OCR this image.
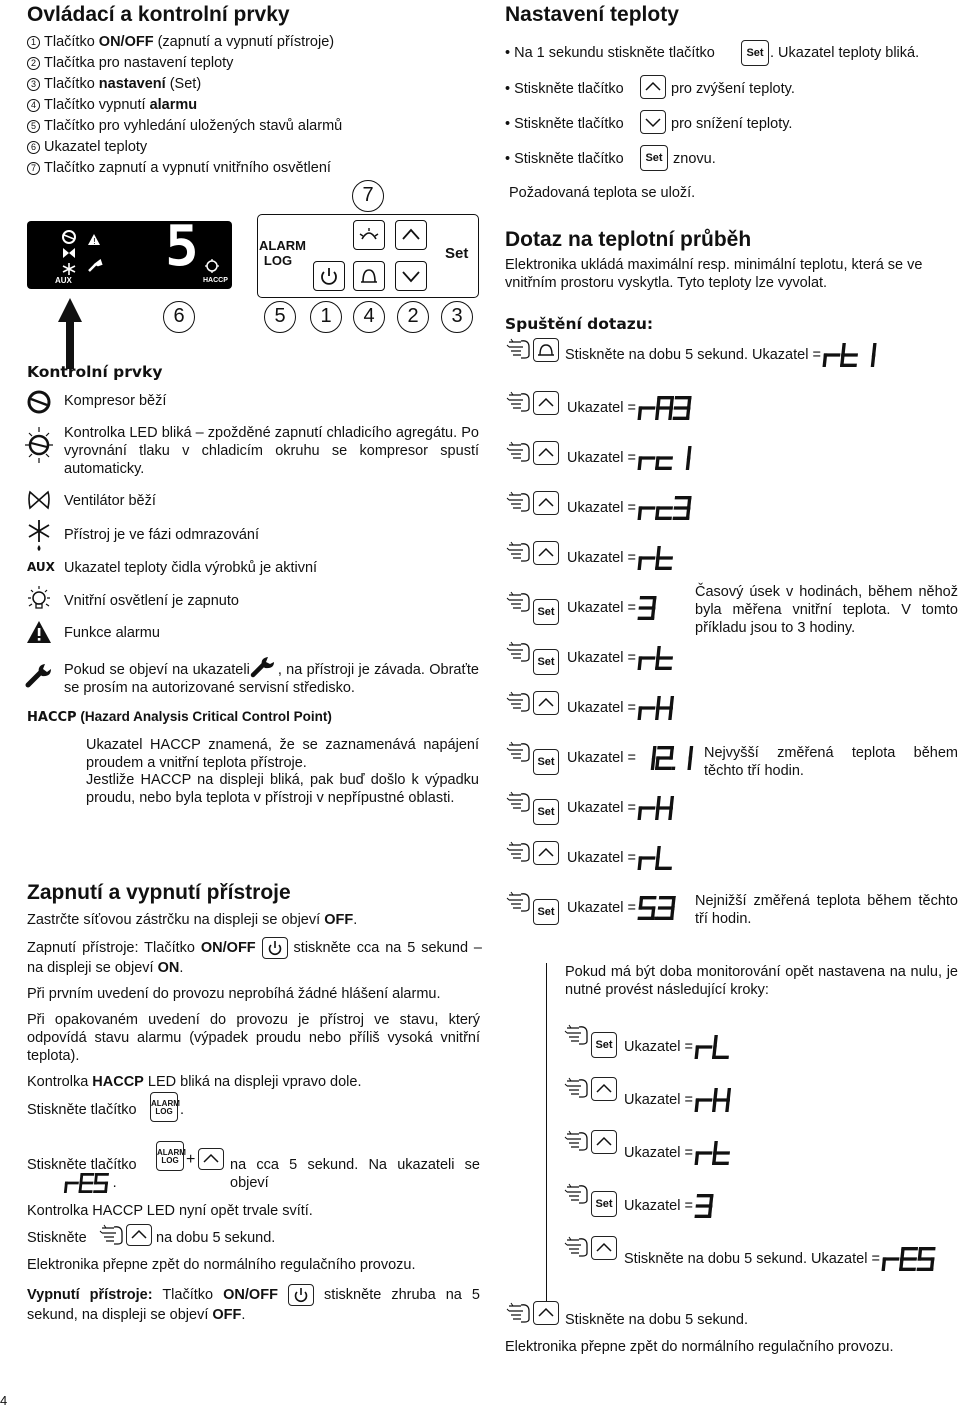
Ovládací a kontrolní prvky
1 Tlačítko ON/OFF (zapnutí a vypnutí přístroje)
2 Tlačítka pro nastavení teploty
3 Tlačítko nastavení (Set)
4 Tlačítko vypnutí alarmu
5 Tlačítko pro vyhledání uložených stavů alarmů
6 Ukazatel teploty
7 Tlačítko zapnutí a vypnutí vnitřního osvětlení
7
AUX
! 5
HACCP
ALARM
LOG	Set
6	5	1	4	2	3
Kontrolní prvky
Kompresor běží
Kontrolka LED bliká – zpožděné zapnutí chladicího agregátu. Po vyrovnání tlaku v chladicím okruhu se kompresor spustí automaticky.
Ventilátor běží
Přístroj je ve fázi odmrazování
AUX Ukazatel teploty čidla výrobků je aktivní
Vnitřní osvětlení je zapnuto
Funkce alarmu
Pokud se objeví na ukazateli , na přístroji je závada. Obraťte se prosím na autorizované servisní středisko.
HACCP (Hazard Analysis Critical Control Point)
Ukazatel HACCP znamená, že se zaznamenává napájení proudem a vnitřní teplota přístroje.
Jestliže HACCP na displeji bliká, pak buď došlo k výpadku proudu, nebo byla teplota v přístroji v nepřípustné oblasti.
Zapnutí a vypnutí přístroje
Zastrčte síťovou zástrčku na displeji se objeví OFF.
Zapnutí přístroje: Tlačítko ON/OFF  stiskněte cca na 5 sekund – na displeji se objeví ON.
Při prvním uvedení do provozu neprobíhá žádné hlášení alarmu.
Při opakovaném uvedení do provozu je přístroj ve stavu, který odpovídá stavu alarmu (výpadek proudu nebo příliš vysoká vnitřní teplota).
Kontrolka HACCP LED bliká na displeji vpravo dole.
Stiskněte tlačítko ALARM
LOG .
Stiskněte tlačítko
ALARM
LOG + na cca 5 sekund. Na ukazateli se objeví
.
Kontrolka HACCP LED nyní opět trvale svítí.
Stiskněte	na dobu 5 sekund.
Elektronika přepne zpět do normálního regulačního provozu.
Vypnutí přístroje: Tlačítko ON/OFF  stiskněte zhruba na 5 sekund, na displeji se objeví OFF.
4
Nastavení teploty
• Na 1 sekundu stiskněte tlačítko	Set . Ukazatel teploty bliká.
• Stiskněte tlačítko	pro zvýšení teploty.
• Stiskněte tlačítko	pro snížení teploty.
• Stiskněte tlačítko	Set znovu.
Požadovaná teplota se uloží.
Dotaz na teplotní průběh
Elektronika ukládá maximální resp. minimální teplotu, která se ve vnitřním prostoru vyskytla. Tyto teploty lze vyvolat.
Spuštění dotazu:
Stiskněte na dobu 5 sekund. Ukazatel =
Ukazatel =
Ukazatel =
Ukazatel =
Ukazatel =
Set Ukazatel =
Set Ukazatel =
Ukazatel =
Set Ukazatel =
Set Ukazatel =
Ukazatel =
Set Ukazatel =
Časový úsek v hodinách, během něhož byla měřena vnitřní teplota. V tomto příkladu jsou to 3 hodiny.
Nejvyšší změřená teplota během těchto tří hodin.
Nejnižší změřená teplota během těchto tří hodin.
Pokud má být doba monitorování opět nastavena na nulu, je nutné provést následující kroky:
Set Ukazatel =
Ukazatel =
Ukazatel =
Set Ukazatel =
Stiskněte na dobu 5 sekund. Ukazatel =
Stiskněte na dobu 5 sekund.
Elektronika přepne zpět do normálního regulačního provozu.
